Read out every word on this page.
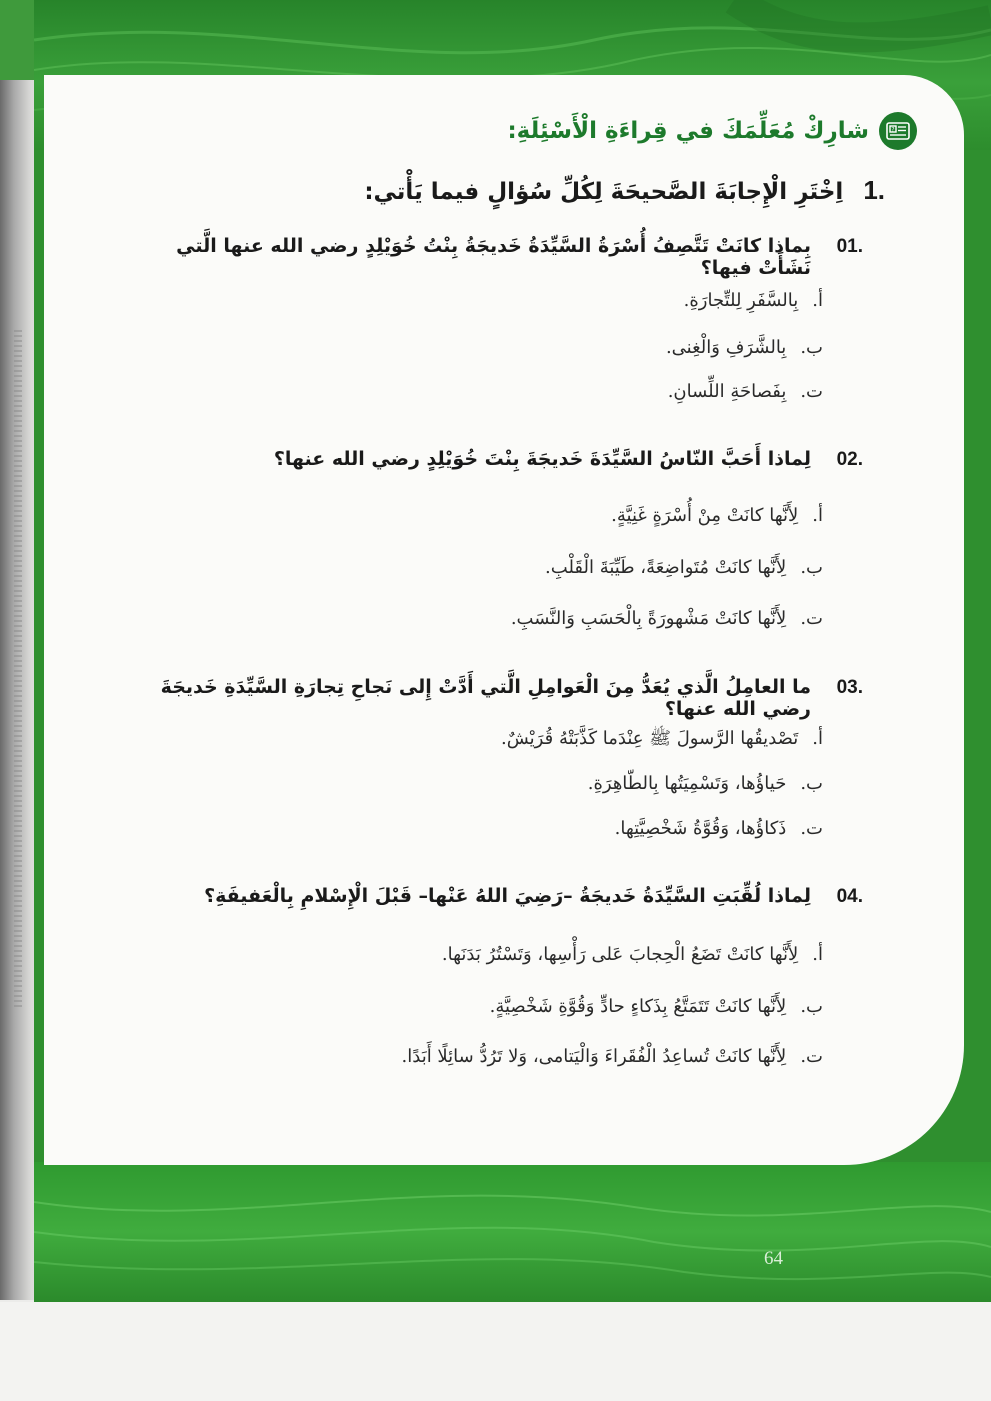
64
?
شارِكْ مُعَلِّمَكَ في قِراءَةِ الْأَسْئِلَةِ:
1.
اِخْتَرِ الْإِجابَةَ الصَّحيحَةَ لِكُلِّ سُؤالٍ فيما يَأْتي:
01.
بِماذا كانَتْ تَتَّصِفُ أُسْرَةُ السَّيِّدَةُ خَديجَةُ بِنْتُ خُوَيْلِدٍ رضي الله عنها الَّتي نَشَأَتْ فيها؟
أ.
بِالسَّفَرِ لِلتِّجارَةِ.
ب.
بِالشَّرَفِ وَالْغِنى.
ت.
بِفَصاحَةِ اللِّسانِ.
02.
لِماذا أَحَبَّ النّاسُ السَّيِّدَةَ خَديجَةَ بِنْتَ خُوَيْلِدٍ رضي الله عنها؟
أ.
لِأَنَّها كانَتْ مِنْ أُسْرَةٍ غَنِيَّةٍ.
ب.
لِأَنَّها كانَتْ مُتَواضِعَةً، طَيِّبَةَ الْقَلْبِ.
ت.
لِأَنَّها كانَتْ مَشْهورَةً بِالْحَسَبِ وَالنَّسَبِ.
03.
ما العامِلُ الَّذي يُعَدُّ مِنَ الْعَوامِلِ الَّتي أَدَّتْ إِلى نَجاحِ تِجارَةِ السَّيِّدَةِ خَديجَةَ رضي الله عنها؟
أ.
تَصْديقُها الرَّسولَ ﷺ عِنْدَما كَذَّبَتْهُ قُرَيْشٌ.
ب.
حَياؤُها، وَتَسْمِيَتُها بِالطّاهِرَةِ.
ت.
ذَكاؤُها، وَقُوَّةُ شَخْصِيَّتِها.
04.
لِماذا لُقِّبَتِ السَّيِّدَةُ خَديجَةُ –رَضِيَ اللهُ عَنْها– قَبْلَ الْإِسْلامِ بِالْعَفيفَةِ؟
أ.
لِأَنَّها كانَتْ تَضَعُ الْحِجابَ عَلى رَأْسِها، وَتَسْتُرُ بَدَنَها.
ب.
لِأَنَّها كانَتْ تَتَمَتَّعُ بِذَكاءٍ حادٍّ وَقُوَّةِ شَخْصِيَّةٍ.
ت.
لِأَنَّها كانَتْ تُساعِدُ الْفُقَراءَ وَالْيَتامى، وَلا تَرُدُّ سائِلًا أَبَدًا.
